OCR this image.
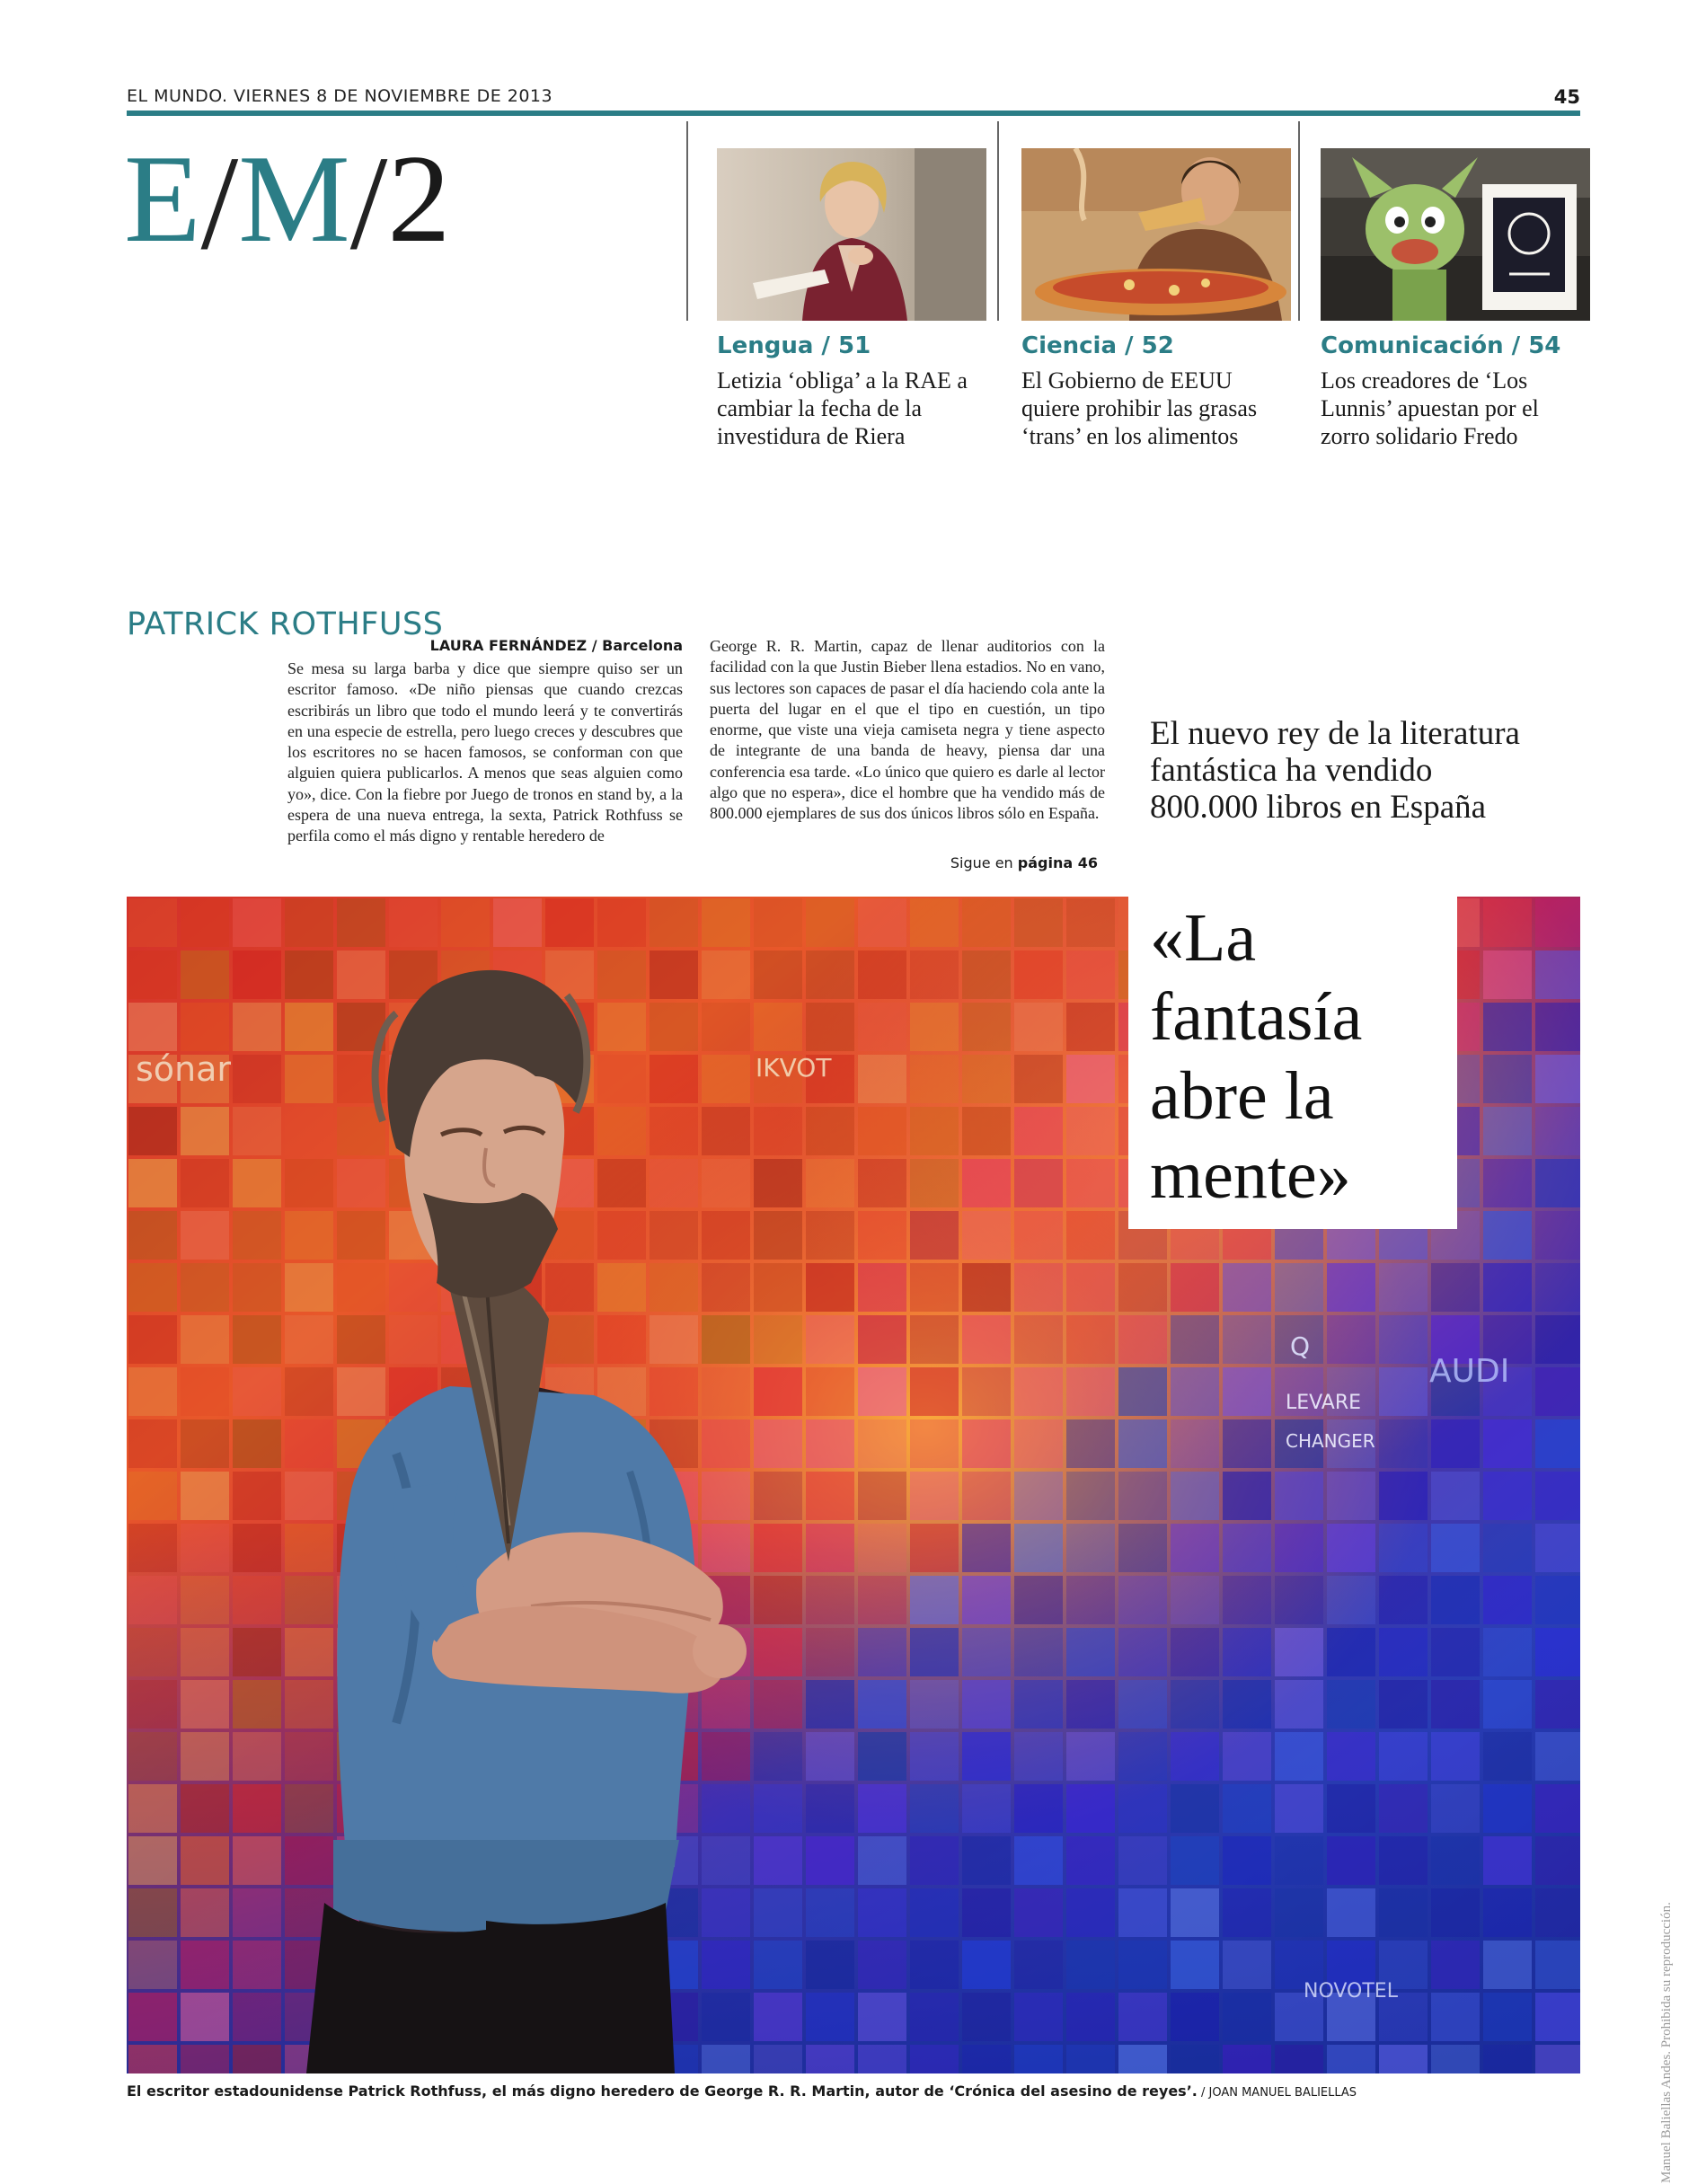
EL MUNDO. VIERNES 8 DE NOVIEMBRE DE 2013	45
E/M/2
Lengua / 51
Letizia ‘obliga’ a la RAE a cambiar la fecha de la investidura de Riera
Ciencia / 52
El Gobierno de EEUU quiere prohibir las grasas ‘trans’ en los alimentos
Comunicación / 54
Los creadores de ‘Los Lunnis’ apuestan por el zorro solidario Fredo
PATRICK ROTHFUSS
LAURA FERNÁNDEZ / Barcelona
Se mesa su larga barba y dice que siempre quiso ser un escritor famoso. «De niño piensas que cuando crezcas escribirás un libro que todo el mundo leerá y te convertirás en una especie de estrella, pero luego creces y descubres que los escritores no se hacen famosos, se conforman con que alguien quiera publicarlos. A menos que seas alguien como yo», dice. Con la fiebre por Juego de tronos en stand by, a la espera de una nueva entrega, la sexta, Patrick Rothfuss se perfila como el más digno y rentable heredero de
George R. R. Martin, capaz de llenar auditorios con la facilidad con la que Justin Bieber llena estadios. No en vano, sus lectores son capaces de pasar el día haciendo cola ante la puerta del lugar en el que el tipo en cuestión, un tipo enorme, que viste una vieja camiseta negra y tiene aspecto de integrante de una banda de heavy, piensa dar una conferencia esa tarde. «Lo único que quiero es darle al lector algo que no espera», dice el hombre que ha vendido más de 800.000 ejemplares de sus dos únicos libros sólo en España.
Sigue en página 46
El nuevo rey de la literatura fantástica ha vendido 800.000 libros en España
sónar	IKVOT
Q
LEVARE
CHANGER
AUDI
NOVOTEL
«La fantasía abre la mente»
El escritor estadounidense Patrick Rothfuss, el más digno heredero de George R. R. Martin, autor de ‘Crónica del asesino de reyes’. / JOAN MANUEL BALIELLAS	Manuel Baliellas Andes. Prohibida su reproducción.
